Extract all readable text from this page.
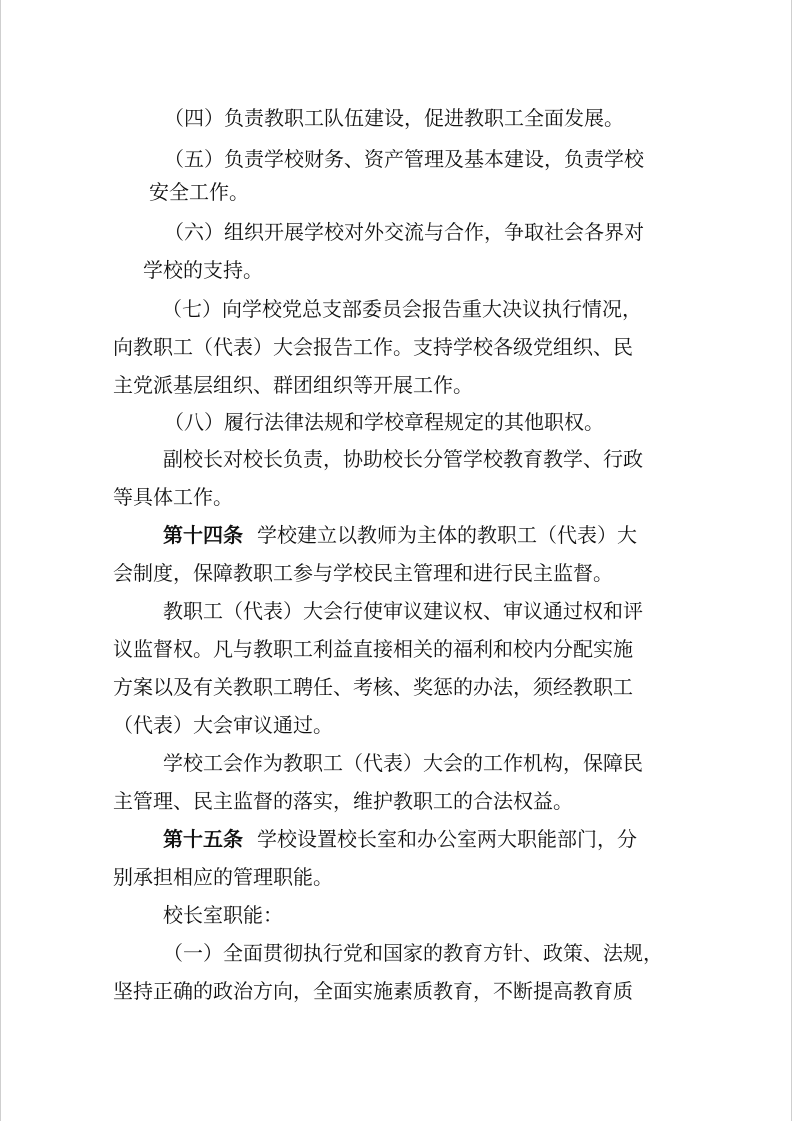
（四）负责教职工队伍建设，促进教职工全面发展。

（五）负责学校财务、资产管理及基本建设，负责学校

安全工作。

（六）组织开展学校对外交流与合作，争取社会各界对

学校的支持。

（七）向学校党总支部委员会报告重大决议执行情况，

向教职工（代表）大会报告工作。支持学校各级党组织、民

主党派基层组织、群团组织等开展工作。

（八）履行法律法规和学校章程规定的其他职权。

副校长对校长负责，协助校长分管学校教育教学、行政

等具体工作。

第十四条 学校建立以教师为主体的教职工（代表）大

会制度，保障教职工参与学校民主管理和进行民主监督。

教职工（代表）大会行使审议建议权、审议通过权和评

议监督权。凡与教职工利益直接相关的福利和校内分配实施

方案以及有关教职工聘任、考核、奖惩的办法，须经教职工

（代表）大会审议通过。

学校工会作为教职工（代表）大会的工作机构，保障民

主管理、民主监督的落实，维护教职工的合法权益。

第十五条 学校设置校长室和办公室两大职能部门，分

别承担相应的管理职能。

校长室职能：

（一）全面贯彻执行党和国家的教育方针、政策、法规，

坚持正确的政治方向，全面实施素质教育，不断提高教育质
